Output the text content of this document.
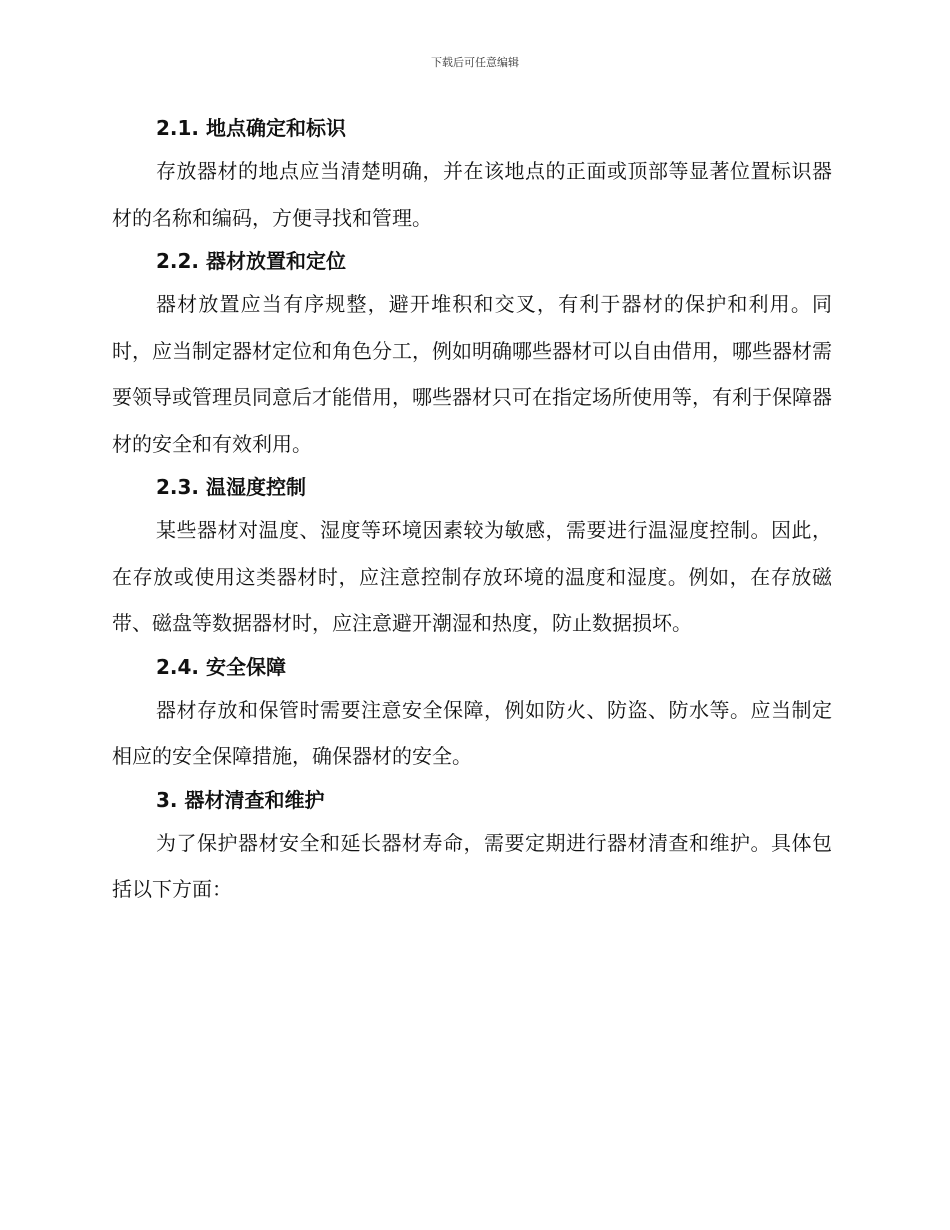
下载后可任意编辑
2.1. 地点确定和标识

存放器材的地点应当清楚明确，并在该地点的正面或顶部等显著位置标识器材的名称和编码，方便寻找和管理。

2.2. 器材放置和定位

器材放置应当有序规整，避开堆积和交叉，有利于器材的保护和利用。同时，应当制定器材定位和角色分工，例如明确哪些器材可以自由借用，哪些器材需要领导或管理员同意后才能借用，哪些器材只可在指定场所使用等，有利于保障器材的安全和有效利用。

2.3. 温湿度控制

某些器材对温度、湿度等环境因素较为敏感，需要进行温湿度控制。因此，在存放或使用这类器材时，应注意控制存放环境的温度和湿度。例如，在存放磁带、磁盘等数据器材时，应注意避开潮湿和热度，防止数据损坏。

2.4. 安全保障

器材存放和保管时需要注意安全保障，例如防火、防盗、防水等。应当制定相应的安全保障措施，确保器材的安全。

3. 器材清查和维护

为了保护器材安全和延长器材寿命，需要定期进行器材清查和维护。具体包括以下方面：
